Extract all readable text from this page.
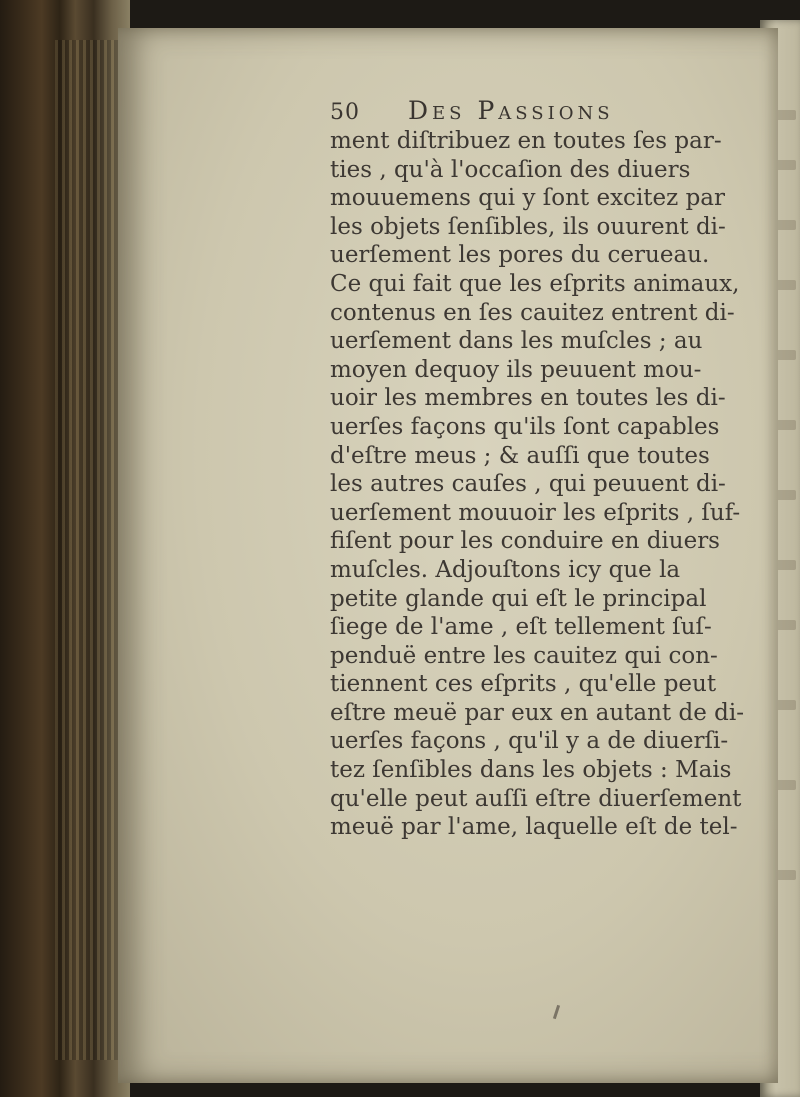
50 Des Passions
ment diſtribuez en toutes ſes par-
ties , qu'à l'occaſion des diuers
mouuemens qui y ſont excitez par
les objets ſenſibles, ils ouurent di-
uerſement les pores du cerueau.
Ce qui fait que les eſprits animaux,
contenus en ſes cauitez entrent di-
uerſement dans les muſcles ; au
moyen dequoy ils peuuent mou-
uoir les membres en toutes les di-
uerſes façons qu'ils ſont capables
d'eſtre meus ; & auſſi que toutes
les autres cauſes , qui peuuent di-
uerſement mouuoir les eſprits , ſuf-
fiſent pour les conduire en diuers
muſcles. Adjouſtons icy que la
petite glande qui eſt le principal
ſiege de l'ame , eſt tellement ſuſ-
penduë entre les cauitez qui con-
tiennent ces eſprits , qu'elle peut
eſtre meuë par eux en autant de di-
uerſes façons , qu'il y a de diuerſi-
tez ſenſibles dans les objets : Mais
qu'elle peut auſſi eſtre diuerſement
meuë par l'ame, laquelle eſt de tel-
